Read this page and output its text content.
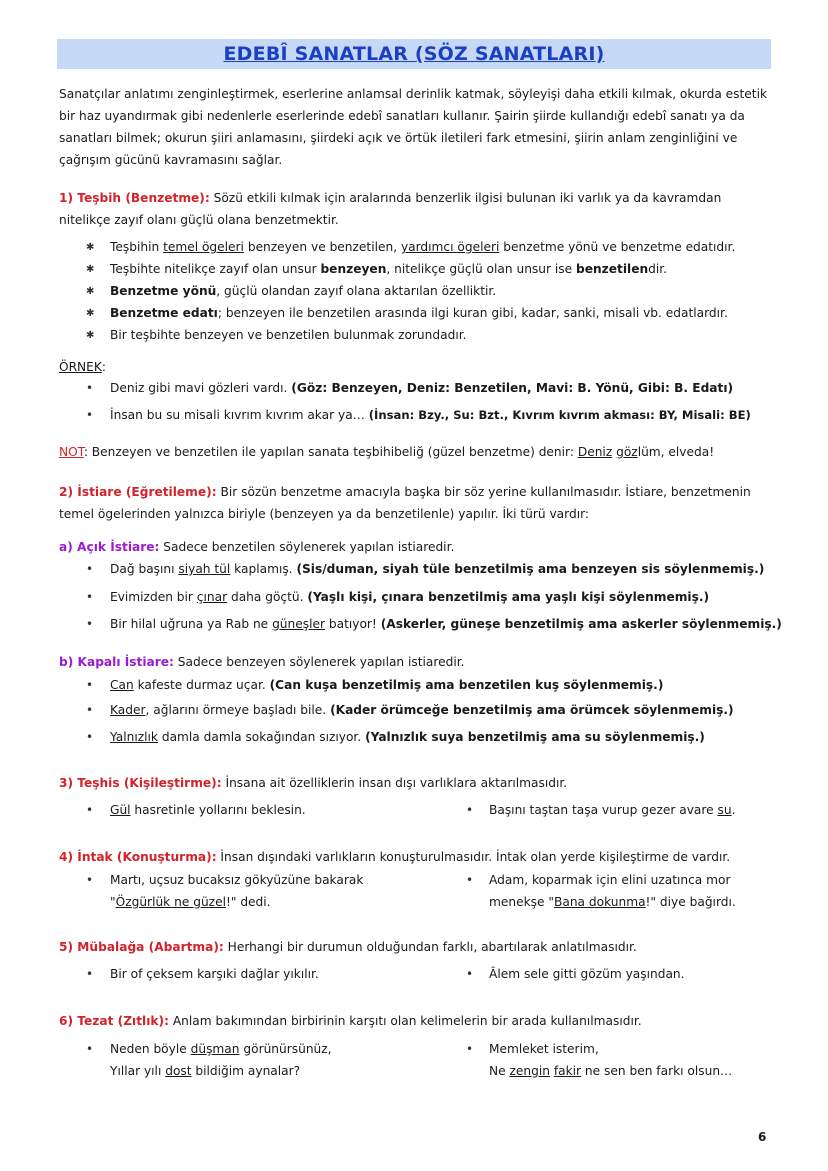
EDEBÎ SANATLAR (SÖZ SANATLARI)
Sanatçılar anlatımı zenginleştirmek, eserlerine anlamsal derinlik katmak, söyleyişi daha etkili kılmak, okurda estetik bir haz uyandırmak gibi nedenlerle eserlerinde edebî sanatları kullanır. Şairin şiirde kullandığı edebî sanatı ya da sanatları bilmek; okurun şiiri anlamasını, şiirdeki açık ve örtük iletileri fark etmesini, şiirin anlam zenginliğini ve çağrışım gücünü kavramasını sağlar.
1) Teşbih (Benzetme): Sözü etkili kılmak için aralarında benzerlik ilgisi bulunan iki varlık ya da kavramdan nitelikçe zayıf olanı güçlü olana benzetmektir.
✱ Teşbihin temel ögeleri benzeyen ve benzetilen, yardımcı ögeleri benzetme yönü ve benzetme edatıdır.
✱ Teşbihte nitelikçe zayıf olan unsur benzeyen, nitelikçe güçlü olan unsur ise benzetilendir.
✱ Benzetme yönü, güçlü olandan zayıf olana aktarılan özelliktir.
✱ Benzetme edatı; benzeyen ile benzetilen arasında ilgi kuran gibi, kadar, sanki, misali vb. edatlardır.
✱ Bir teşbihte benzeyen ve benzetilen bulunmak zorundadır.
ÖRNEK:
• Deniz gibi mavi gözleri vardı. (Göz: Benzeyen, Deniz: Benzetilen, Mavi: B. Yönü, Gibi: B. Edatı)
• İnsan bu su misali kıvrım kıvrım akar ya… (İnsan: Bzy., Su: Bzt., Kıvrım kıvrım akması: BY, Misali: BE)
NOT: Benzeyen ve benzetilen ile yapılan sanata teşbihibeliğ (güzel benzetme) denir: Deniz gözlüm, elveda!
2) İstiare (Eğretileme): Bir sözün benzetme amacıyla başka bir söz yerine kullanılmasıdır. İstiare, benzetmenin temel ögelerinden yalnızca biriyle (benzeyen ya da benzetilenle) yapılır. İki türü vardır:
a) Açık İstiare: Sadece benzetilen söylenerek yapılan istiaredir.
• Dağ başını siyah tül kaplamış. (Sis/duman, siyah tüle benzetilmiş ama benzeyen sis söylenmemiş.)
• Evimizden bir çınar daha göçtü. (Yaşlı kişi, çınara benzetilmiş ama yaşlı kişi söylenmemiş.)
• Bir hilal uğruna ya Rab ne güneşler batıyor! (Askerler, güneşe benzetilmiş ama askerler söylenmemiş.)
b) Kapalı İstiare: Sadece benzeyen söylenerek yapılan istiaredir.
• Can kafeste durmaz uçar. (Can kuşa benzetilmiş ama benzetilen kuş söylenmemiş.)
• Kader, ağlarını örmeye başladı bile. (Kader örümceğe benzetilmiş ama örümcek söylenmemiş.)
• Yalnızlık damla damla sokağından sızıyor. (Yalnızlık suya benzetilmiş ama su söylenmemiş.)
3) Teşhis (Kişileştirme): İnsana ait özelliklerin insan dışı varlıklara aktarılmasıdır.
• Gül hasretinle yollarını beklesin.	• Başını taştan taşa vurup gezer avare su.
4) İntak (Konuşturma): İnsan dışındaki varlıkların konuşturulmasıdır. İntak olan yerde kişileştirme de vardır.
• Martı, uçsuz bucaksız gökyüzüne bakarak
"Özgürlük ne güzel!" dedi.
• Adam, koparmak için elini uzatınca mor
menekşe "Bana dokunma!" diye bağırdı.
5) Mübalağa (Abartma): Herhangi bir durumun olduğundan farklı, abartılarak anlatılmasıdır.
• Bir of çeksem karşıki dağlar yıkılır.	• Âlem sele gitti gözüm yaşından.
6) Tezat (Zıtlık): Anlam bakımından birbirinin karşıtı olan kelimelerin bir arada kullanılmasıdır.
• Neden böyle düşman görünürsünüz,
Yıllar yılı dost bildiğim aynalar?
• Memleket isterim,
Ne zengin fakir ne sen ben farkı olsun…
6
